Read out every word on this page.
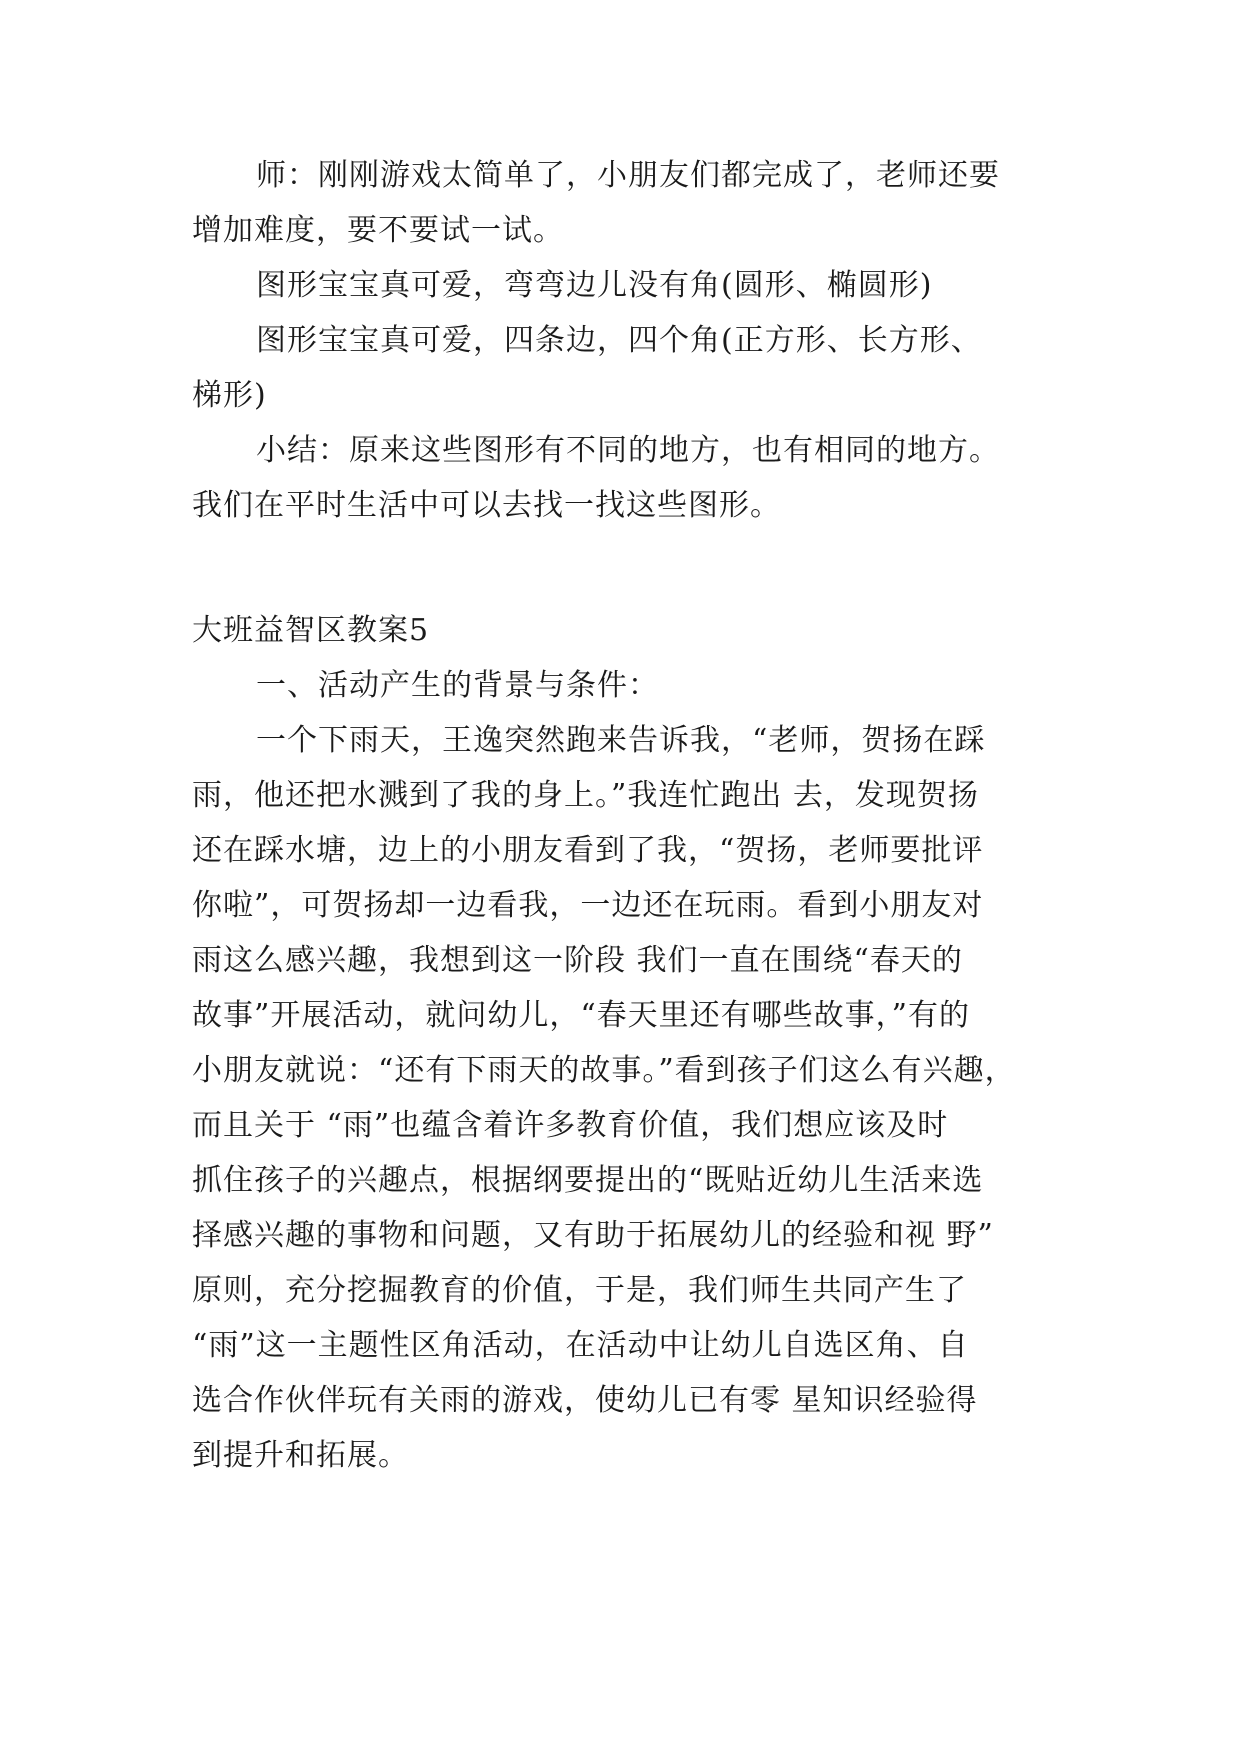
师：刚刚游戏太简单了，小朋友们都完成了，老师还要
增加难度，要不要试一试。
图形宝宝真可爱，弯弯边儿没有角(圆形、椭圆形)
图形宝宝真可爱，四条边，四个角(正方形、长方形、
梯形)
小结：原来这些图形有不同的地方，也有相同的地方。
我们在平时生活中可以去找一找这些图形。
大班益智区教案5
一、活动产生的背景与条件：
一个下雨天，王逸突然跑来告诉我，“老师，贺扬在踩
雨，他还把水溅到了我的身上。”我连忙跑出 去，发现贺扬
还在踩水塘，边上的小朋友看到了我，“贺扬，老师要批评
你啦”，可贺扬却一边看我，一边还在玩雨。看到小朋友对
雨这么感兴趣，我想到这一阶段 我们一直在围绕“春天的
故事”开展活动，就问幼儿，“春天里还有哪些故事，”有的
小朋友就说：“还有下雨天的故事。”看到孩子们这么有兴趣，
而且关于 “雨”也蕴含着许多教育价值，我们想应该及时
抓住孩子的兴趣点，根据纲要提出的“既贴近幼儿生活来选
择感兴趣的事物和问题，又有助于拓展幼儿的经验和视 野”
原则，充分挖掘教育的价值，于是，我们师生共同产生了
“雨”这一主题性区角活动，在活动中让幼儿自选区角、自
选合作伙伴玩有关雨的游戏，使幼儿已有零 星知识经验得
到提升和拓展。
